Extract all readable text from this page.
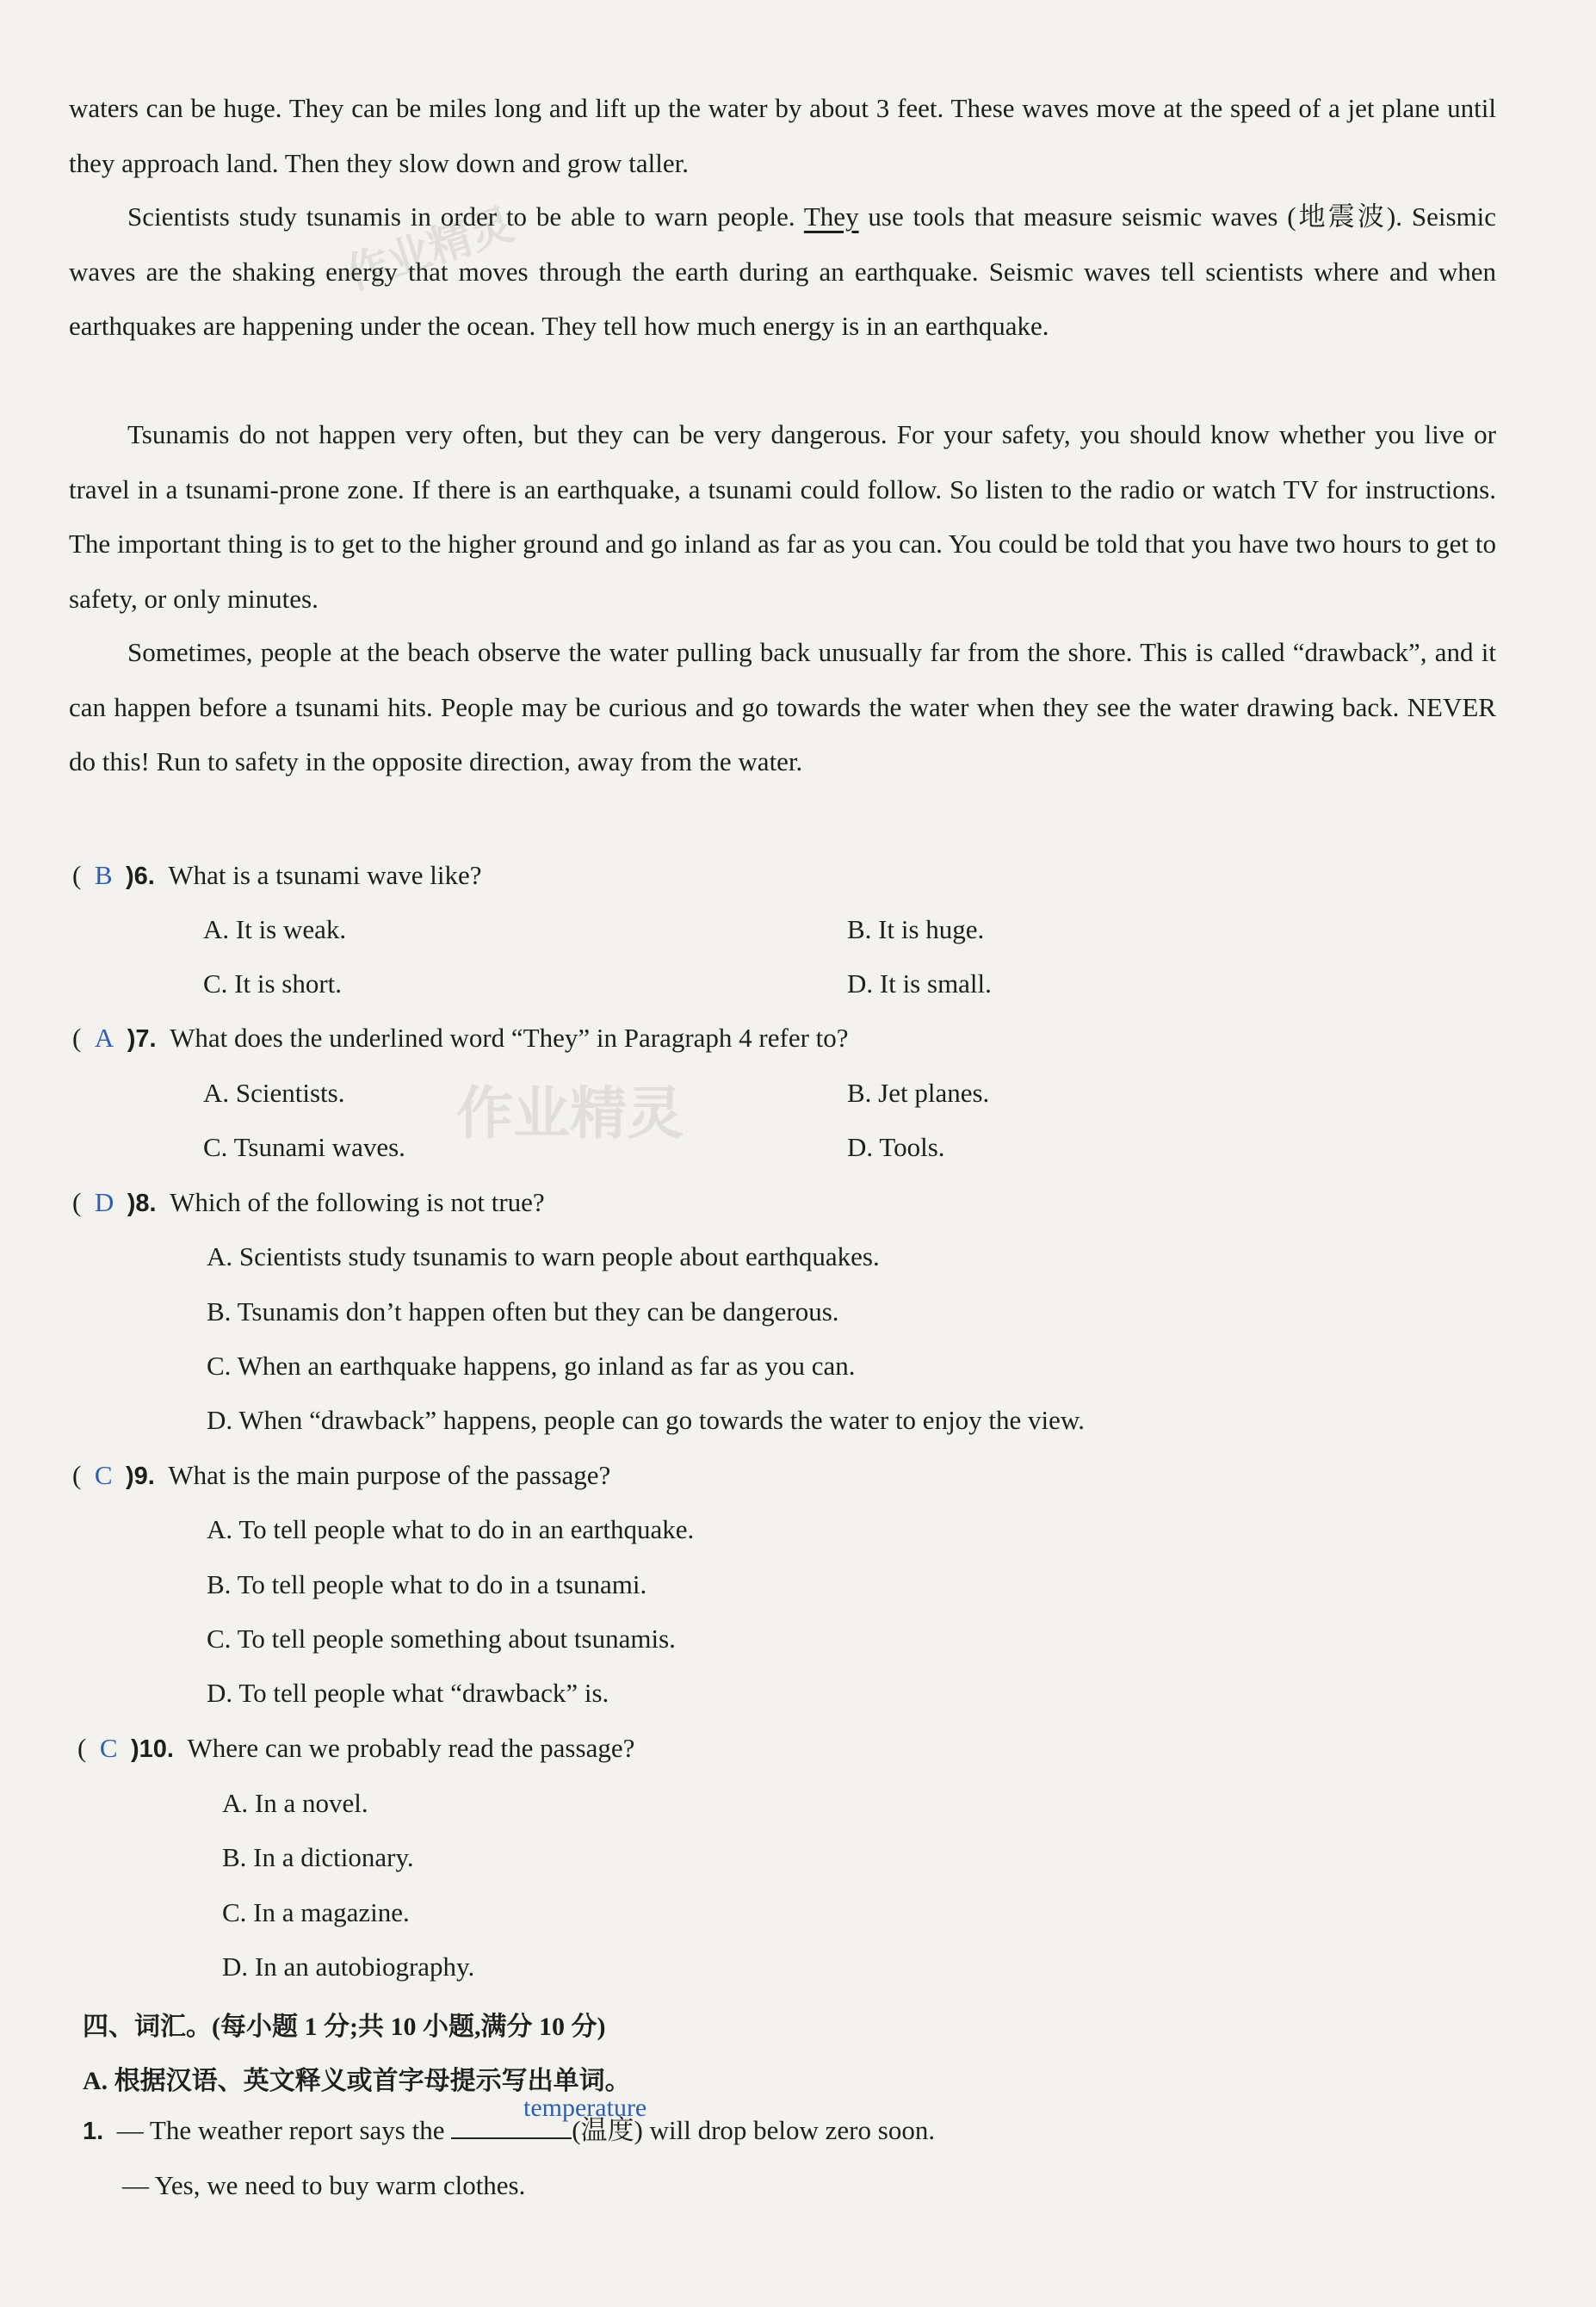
作业精灵
作业精灵

waters can be huge. They can be miles long and lift up the water by about 3 feet. These waves move at the speed of a jet plane until they approach land. Then they slow down and grow taller.

Scientists study tsunamis in order to be able to warn people. They use tools that measure seismic waves (地震波). Seismic waves are the shaking energy that moves through the earth during an earthquake. Seismic waves tell scientists where and when earthquakes are happening under the ocean. They tell how much energy is in an earthquake.

Tsunamis do not happen very often, but they can be very dangerous. For your safety, you should know whether you live or travel in a tsunami-prone zone. If there is an earthquake, a tsunami could follow. So listen to the radio or watch TV for instructions. The important thing is to get to the higher ground and go inland as far as you can. You could be told that you have two hours to get to safety, or only minutes.

Sometimes, people at the beach observe the water pulling back unusually far from the shore. This is called “drawback”, and it can happen before a tsunami hits. People may be curious and go towards the water when they see the water drawing back. NEVER do this! Run to safety in the opposite direction, away from the water.

(  B )6. What is a tsunami wave like?
A. It is weak.	B. It is huge.
C. It is short.	D. It is small.
(  A )7. What does the underlined word “They” in Paragraph 4 refer to?
A. Scientists.	B. Jet planes.
C. Tsunami waves.	D. Tools.
(  D )8. Which of the following is not true?
A. Scientists study tsunamis to warn people about earthquakes.
B. Tsunamis don’t happen often but they can be dangerous.
C. When an earthquake happens, go inland as far as you can.
D. When “drawback” happens, people can go towards the water to enjoy the view.
(  C )9. What is the main purpose of the passage?
A. To tell people what to do in an earthquake.
B. To tell people what to do in a tsunami.
C. To tell people something about tsunamis.
D. To tell people what “drawback” is.
(  C )10. Where can we probably read the passage?
A. In a novel.
B. In a dictionary.
C. In a magazine.
D. In an autobiography.
四、词汇。(每小题 1 分;共 10 小题,满分 10 分)
A. 根据汉语、英文释义或首字母提示写出单词。
1. — The weather report says the	(温度) will drop below zero soon.
temperature
— Yes, we need to buy warm clothes.
